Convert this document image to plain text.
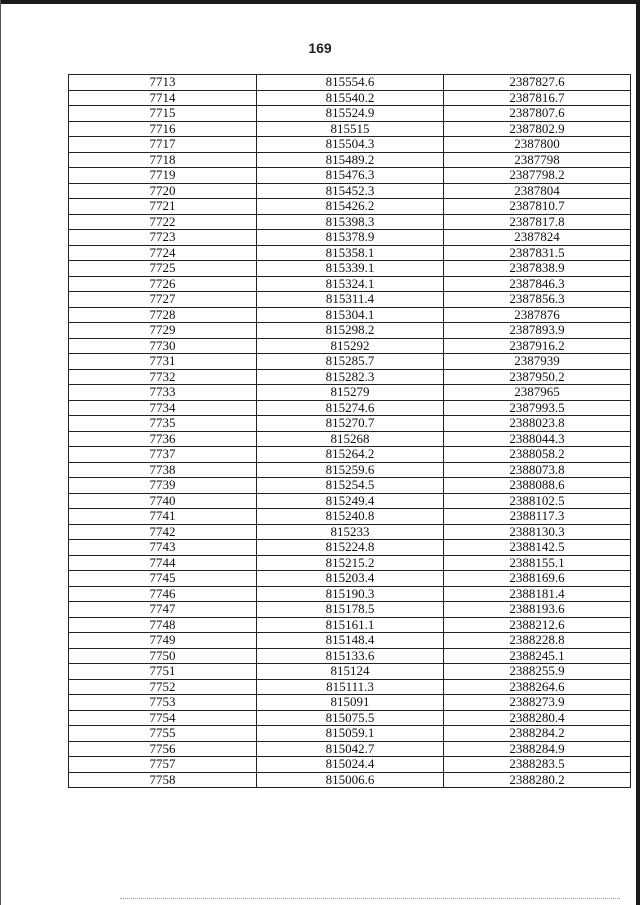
169
7713	815554.6	2387827.6
7714	815540.2	2387816.7
7715	815524.9	2387807.6
7716	815515	2387802.9
7717	815504.3	2387800
7718	815489.2	2387798
7719	815476.3	2387798.2
7720	815452.3	2387804
7721	815426.2	2387810.7
7722	815398.3	2387817.8
7723	815378.9	2387824
7724	815358.1	2387831.5
7725	815339.1	2387838.9
7726	815324.1	2387846.3
7727	815311.4	2387856.3
7728	815304.1	2387876
7729	815298.2	2387893.9
7730	815292	2387916.2
7731	815285.7	2387939
7732	815282.3	2387950.2
7733	815279	2387965
7734	815274.6	2387993.5
7735	815270.7	2388023.8
7736	815268	2388044.3
7737	815264.2	2388058.2
7738	815259.6	2388073.8
7739	815254.5	2388088.6
7740	815249.4	2388102.5
7741	815240.8	2388117.3
7742	815233	2388130.3
7743	815224.8	2388142.5
7744	815215.2	2388155.1
7745	815203.4	2388169.6
7746	815190.3	2388181.4
7747	815178.5	2388193.6
7748	815161.1	2388212.6
7749	815148.4	2388228.8
7750	815133.6	2388245.1
7751	815124	2388255.9
7752	815111.3	2388264.6
7753	815091	2388273.9
7754	815075.5	2388280.4
7755	815059.1	2388284.2
7756	815042.7	2388284.9
7757	815024.4	2388283.5
7758	815006.6	2388280.2
